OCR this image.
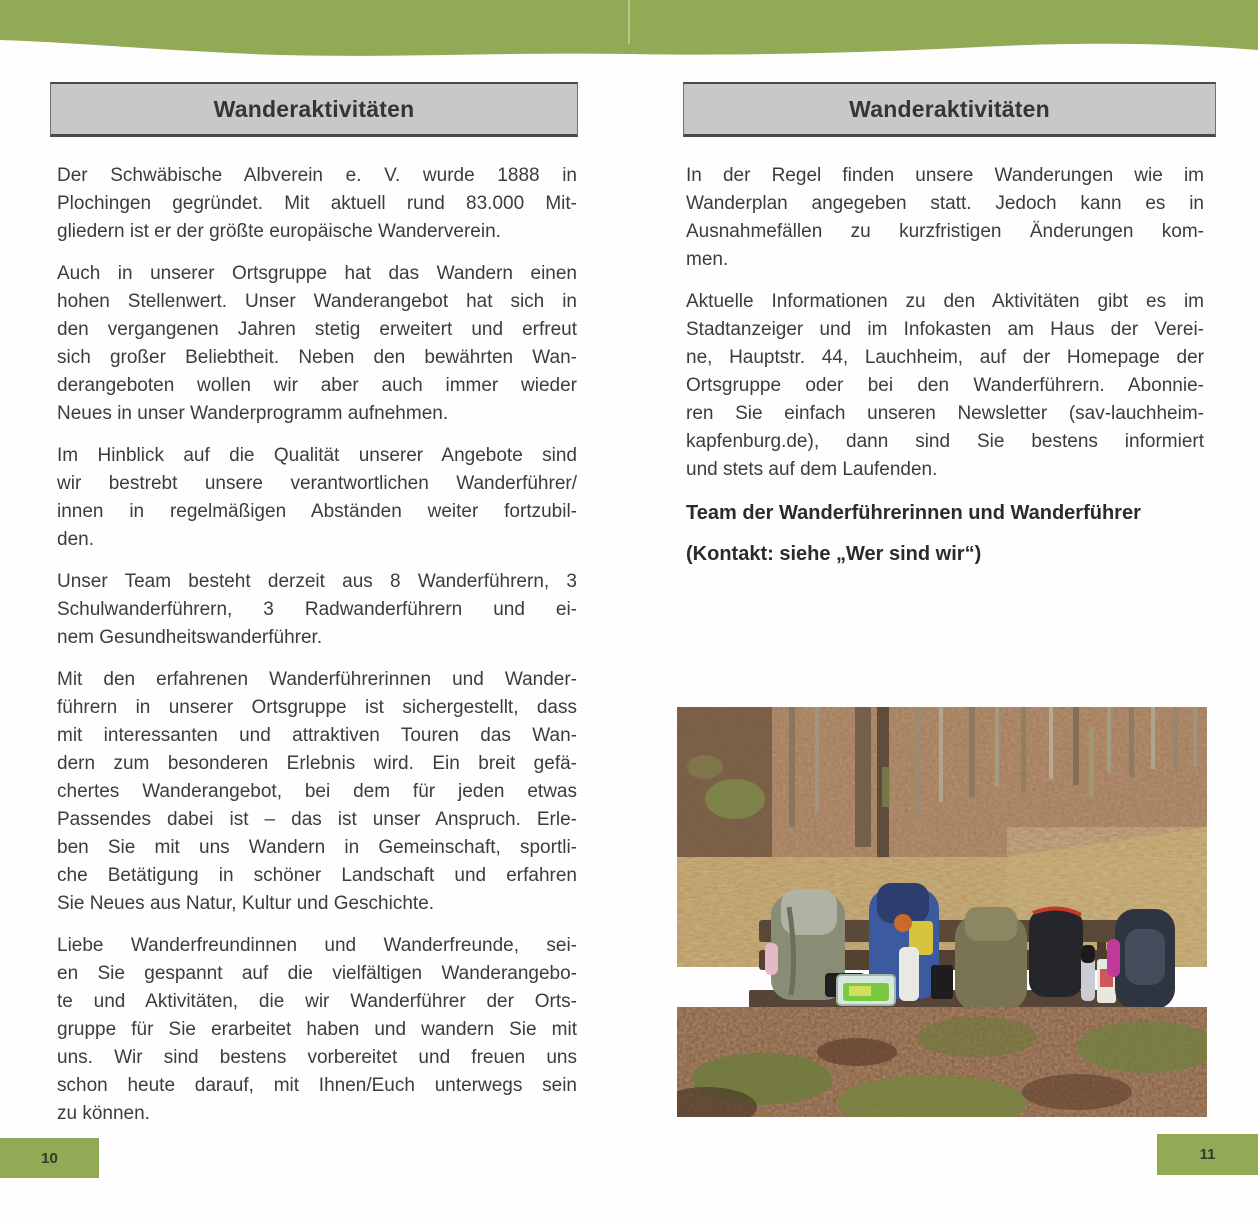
Wanderaktivitäten
Der Schwäbische Albverein e. V. wurde 1888 in
Plochingen gegründet. Mit aktuell rund 83.000 Mit-
gliedern ist er der größte europäische Wanderverein.
Auch in unserer Ortsgruppe hat das Wandern einen
hohen Stellenwert. Unser Wanderangebot hat sich in
den vergangenen Jahren stetig erweitert und erfreut
sich großer Beliebtheit. Neben den bewährten Wan-
derangeboten wollen wir aber auch immer wieder
Neues in unser Wanderprogramm aufnehmen.
Im Hinblick auf die Qualität unserer Angebote sind
wir bestrebt unsere verantwortlichen Wanderführer/
innen in regelmäßigen Abständen weiter fortzubil-
den.
Unser Team besteht derzeit aus 8 Wanderführern, 3
Schulwanderführern, 3 Radwanderführern und ei-
nem Gesundheitswanderführer.
Mit den erfahrenen Wanderführerinnen und Wander-
führern in unserer Ortsgruppe ist sichergestellt, dass
mit interessanten und attraktiven Touren das Wan-
dern zum besonderen Erlebnis wird. Ein breit gefä-
chertes Wanderangebot, bei dem für jeden etwas
Passendes dabei ist – das ist unser Anspruch. Erle-
ben Sie mit uns Wandern in Gemeinschaft, sportli-
che Betätigung in schöner Landschaft und erfahren
Sie Neues aus Natur, Kultur und Geschichte.
Liebe Wanderfreundinnen und Wanderfreunde, sei-
en Sie gespannt auf die vielfältigen Wanderangebo-
te und Aktivitäten, die wir Wanderführer der Orts-
gruppe für Sie erarbeitet haben und wandern Sie mit
uns. Wir sind bestens vorbereitet und freuen uns
schon heute darauf, mit Ihnen/Euch unterwegs sein
zu können.
10
Wanderaktivitäten
In der Regel finden unsere Wanderungen wie im
Wanderplan angegeben statt. Jedoch kann es in
Ausnahmefällen zu kurzfristigen Änderungen kom-
men.
Aktuelle Informationen zu den Aktivitäten gibt es im
Stadtanzeiger und im Infokasten am Haus der Verei-
ne, Hauptstr. 44, Lauchheim, auf der Homepage der
Ortsgruppe oder bei den Wanderführern. Abonnie-
ren Sie einfach unseren Newsletter (sav-lauchheim-
kapfenburg.de), dann sind Sie bestens informiert
und stets auf dem Laufenden.
Team der Wanderführerinnen und Wanderführer
(Kontakt: siehe „Wer sind wir“)
11
